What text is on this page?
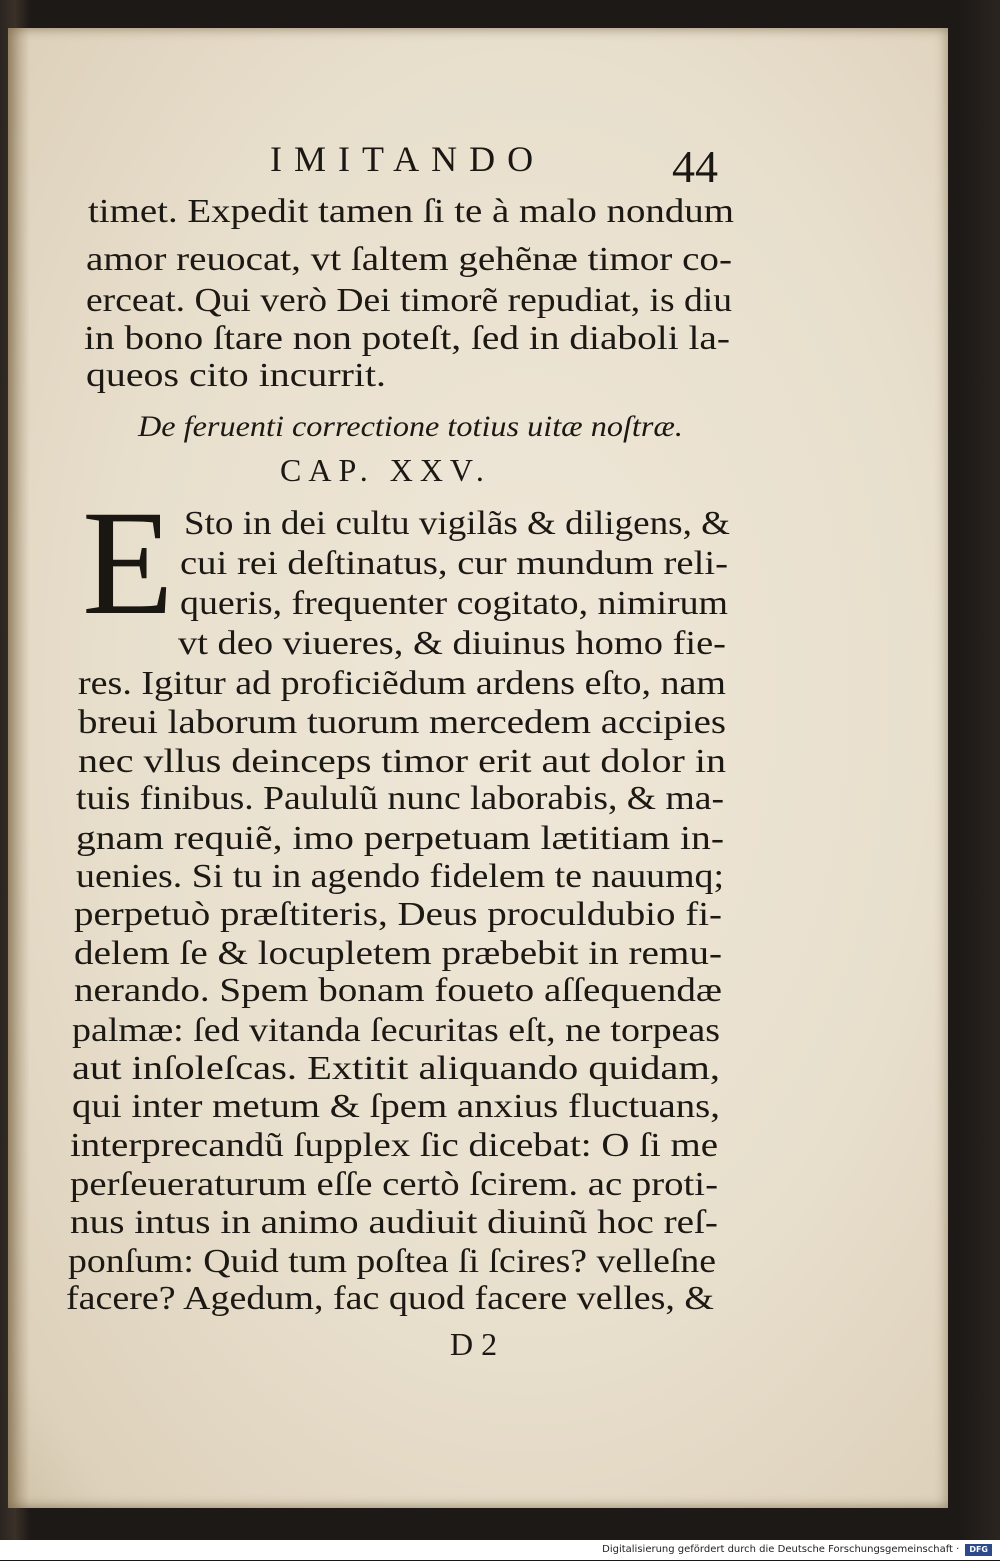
IMITANDO	44
timet. Expedit tamen ſi te à malo nondum
amor reuocat, vt ſaltem gehẽnæ timor co-
erceat. Qui verò Dei timorẽ repudiat, is diu
in bono ſtare non poteſt, ſed in diaboli la-
queos cito incurrit.
De feruenti correctione totius uitæ noſtræ.
CAP. XXV.
E Sto in dei cultu vigilãs & diligens, &
cui rei deſtinatus, cur mundum reli-
queris, frequenter cogitato, nimirum
vt deo viueres, & diuinus homo fie-
res. Igitur ad proficiẽdum ardens eſto, nam
breui laborum tuorum mercedem accipies
nec vllus deinceps timor erit aut dolor in
tuis finibus. Paululũ nunc laborabis, & ma-
gnam requiẽ, imo perpetuam lætitiam in-
uenies. Si tu in agendo fidelem te nauumq;
perpetuò præſtiteris, Deus proculdubio fi-
delem ſe & locupletem præbebit in remu-
nerando. Spem bonam foueto aſſequendæ
palmæ: ſed vitanda ſecuritas eſt, ne torpeas
aut inſoleſcas. Extitit aliquando quidam,
qui inter metum & ſpem anxius fluctuans,
interprecandũ ſupplex ſic dicebat: O ſi me
perſeueraturum eſſe certò ſcirem. ac proti-
nus intus in animo audiuit diuinũ hoc reſ-
ponſum: Quid tum poſtea ſi ſcires? velleſne
facere? Agedum, fac quod facere velles, &
D 2
Digitalisierung gefördert durch die Deutsche Forschungsgemeinschaft · DFG
